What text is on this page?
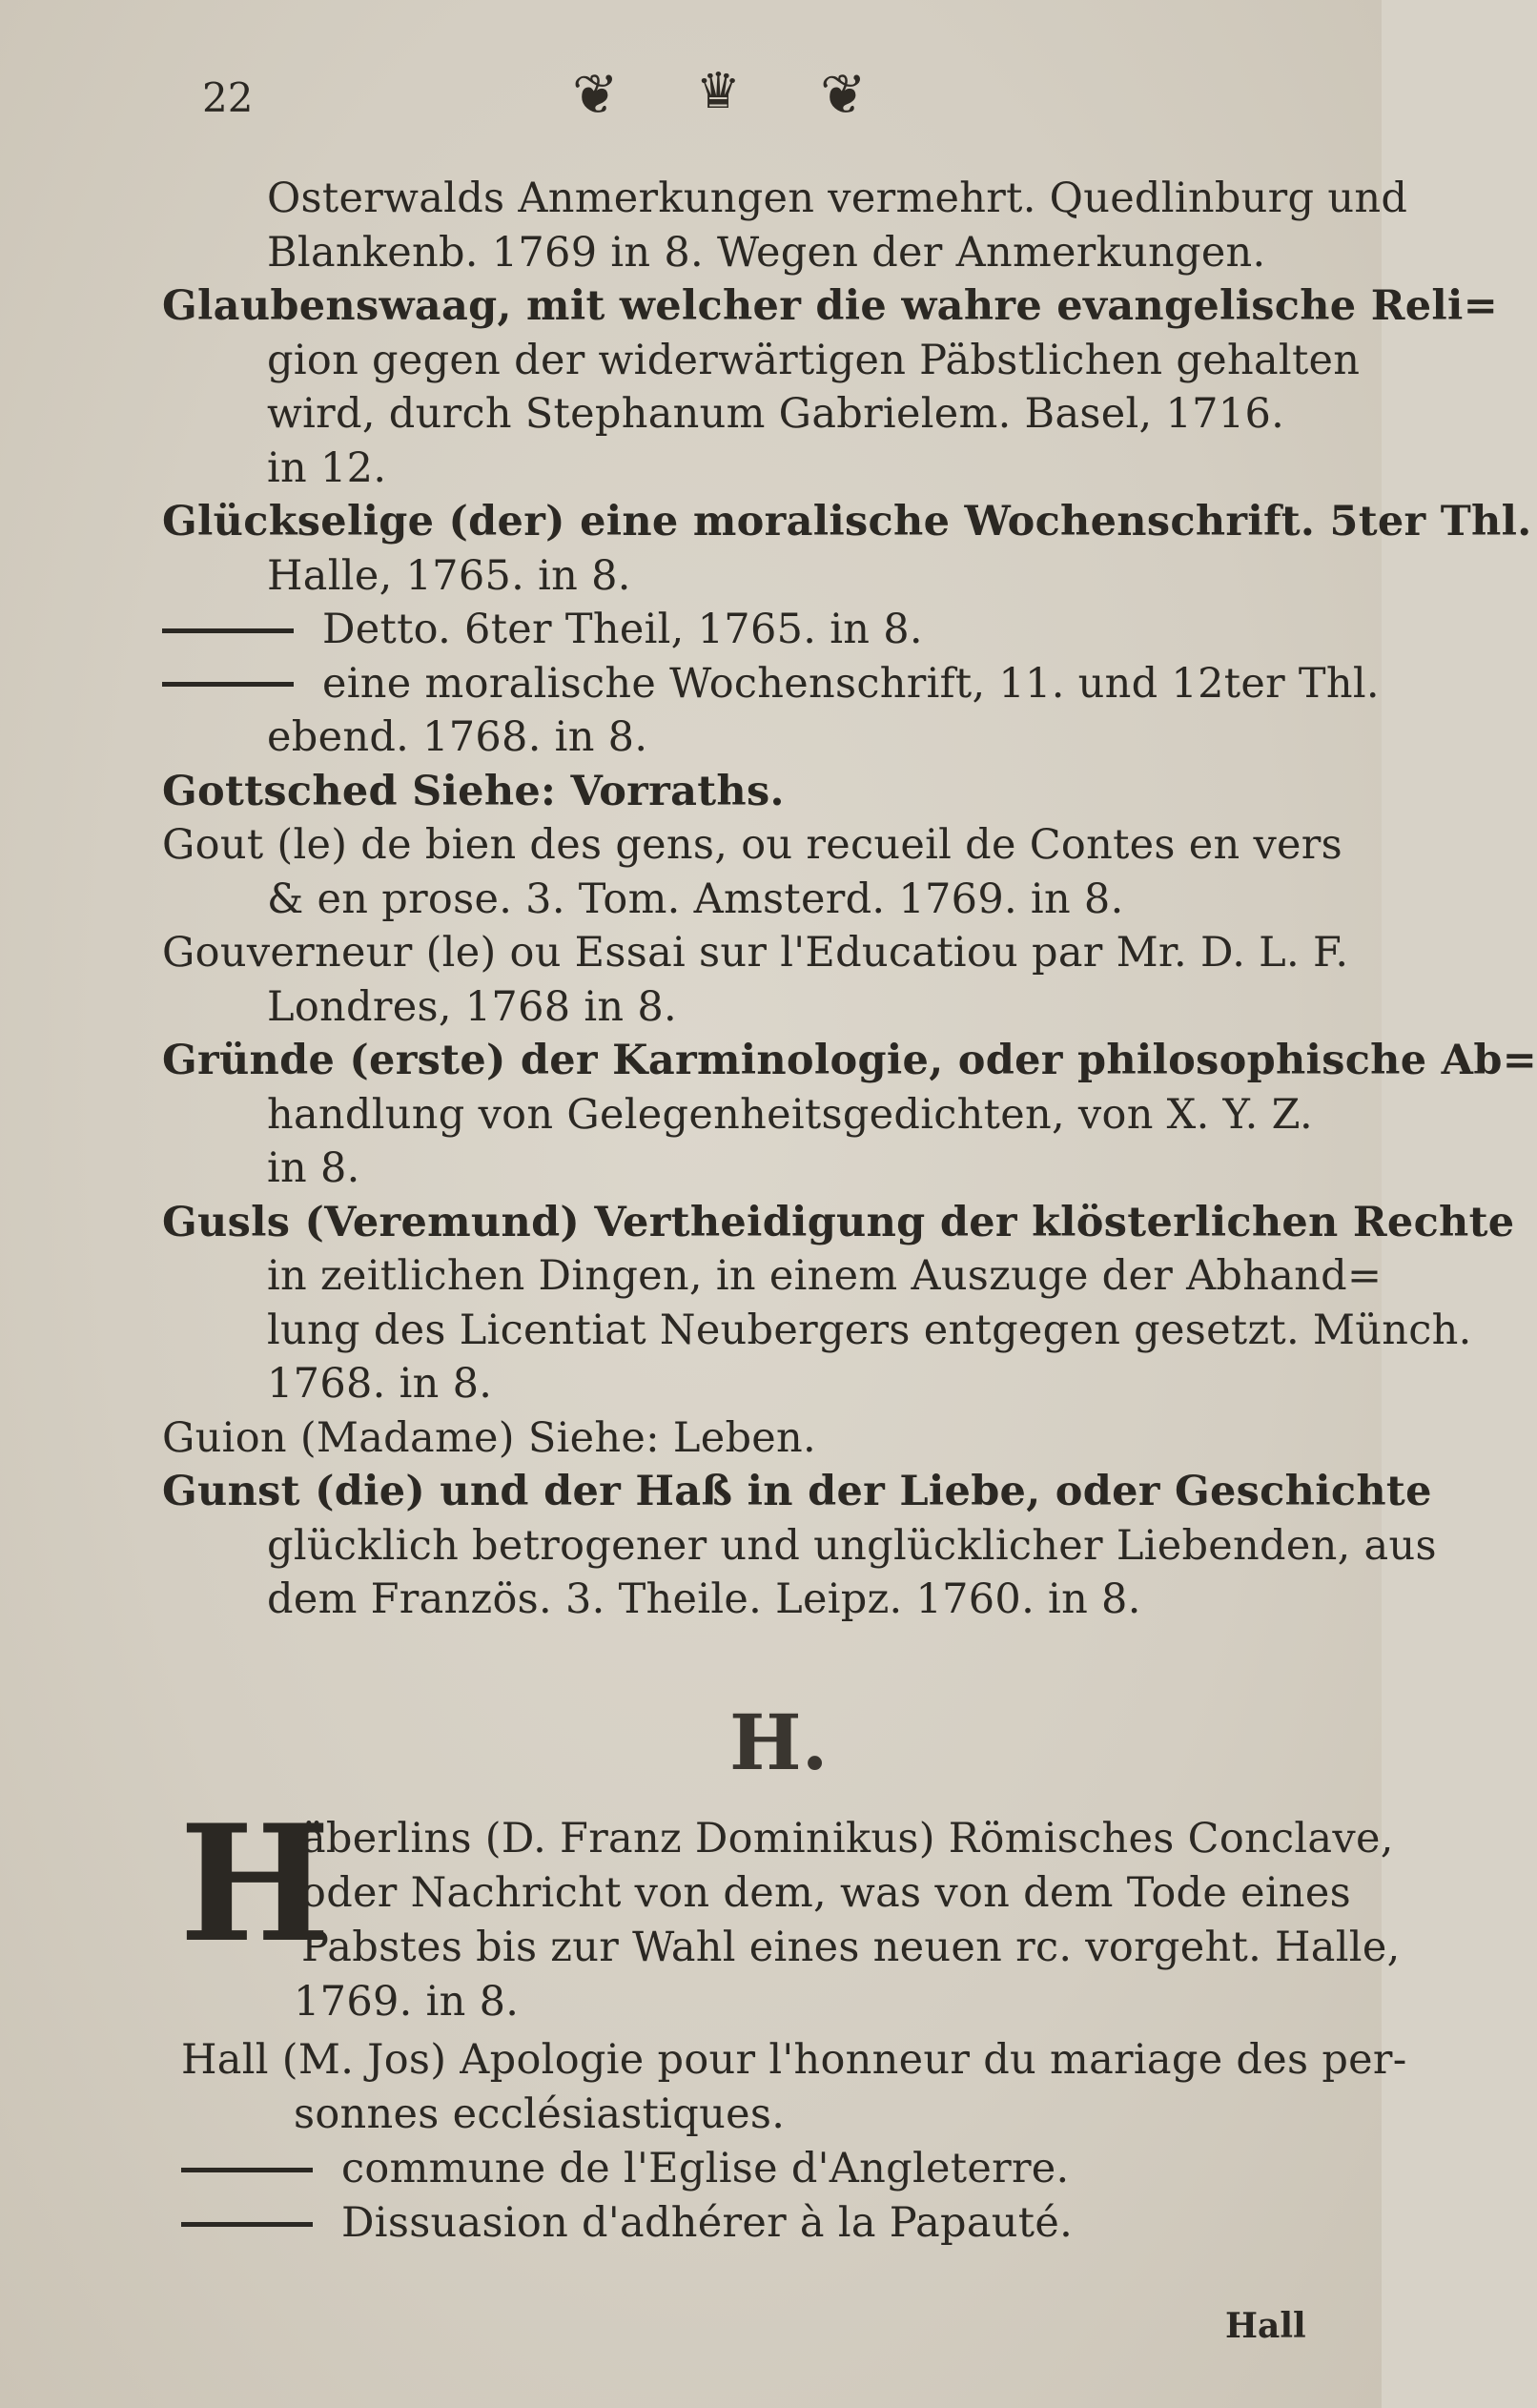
22	❦ ♛ ❦
Osterwalds Anmerkungen vermehrt. Quedlinburg und
Blankenb. 1769 in 8. Wegen der Anmerkungen.
Glaubenswaag, mit welcher die wahre evangelische Reli=
gion gegen der widerwärtigen Päbstlichen gehalten
wird, durch Stephanum Gabrielem. Basel, 1716.
in 12.
Glückselige (der) eine moralische Wochenschrift. 5ter Thl.
Halle, 1765. in 8.
Detto. 6ter Theil, 1765. in 8.
eine moralische Wochenschrift, 11. und 12ter Thl.
ebend. 1768. in 8.
Gottsched Siehe: Vorraths.
Gout (le) de bien des gens, ou recueil de Contes en vers
& en prose. 3. Tom. Amsterd. 1769. in 8.
Gouverneur (le) ou Essai sur l'Educatiou par Mr. D. L. F.
Londres, 1768 in 8.
Gründe (erste) der Karminologie, oder philosophische Ab=
handlung von Gelegenheitsgedichten, von X. Y. Z.
in 8.
Gusls (Veremund) Vertheidigung der klösterlichen Rechte
in zeitlichen Dingen, in einem Auszuge der Abhand=
lung des Licentiat Neubergers entgegen gesetzt. Münch.
1768. in 8.
Guion (Madame) Siehe: Leben.
Gunst (die) und der Haß in der Liebe, oder Geschichte
glücklich betrogener und unglücklicher Liebenden, aus
dem Französ. 3. Theile. Leipz. 1760. in 8.
H.
H
äberlins (D. Franz Dominikus) Römisches Conclave,
oder Nachricht von dem, was von dem Tode eines
Pabstes bis zur Wahl eines neuen rc. vorgeht. Halle,
1769. in 8.
Hall (M. Jos) Apologie pour l'honneur du mariage des per-
sonnes ecclésiastiques.
commune de l'Eglise d'Angleterre.
Dissuasion d'adhérer à la Papauté.
Hall
